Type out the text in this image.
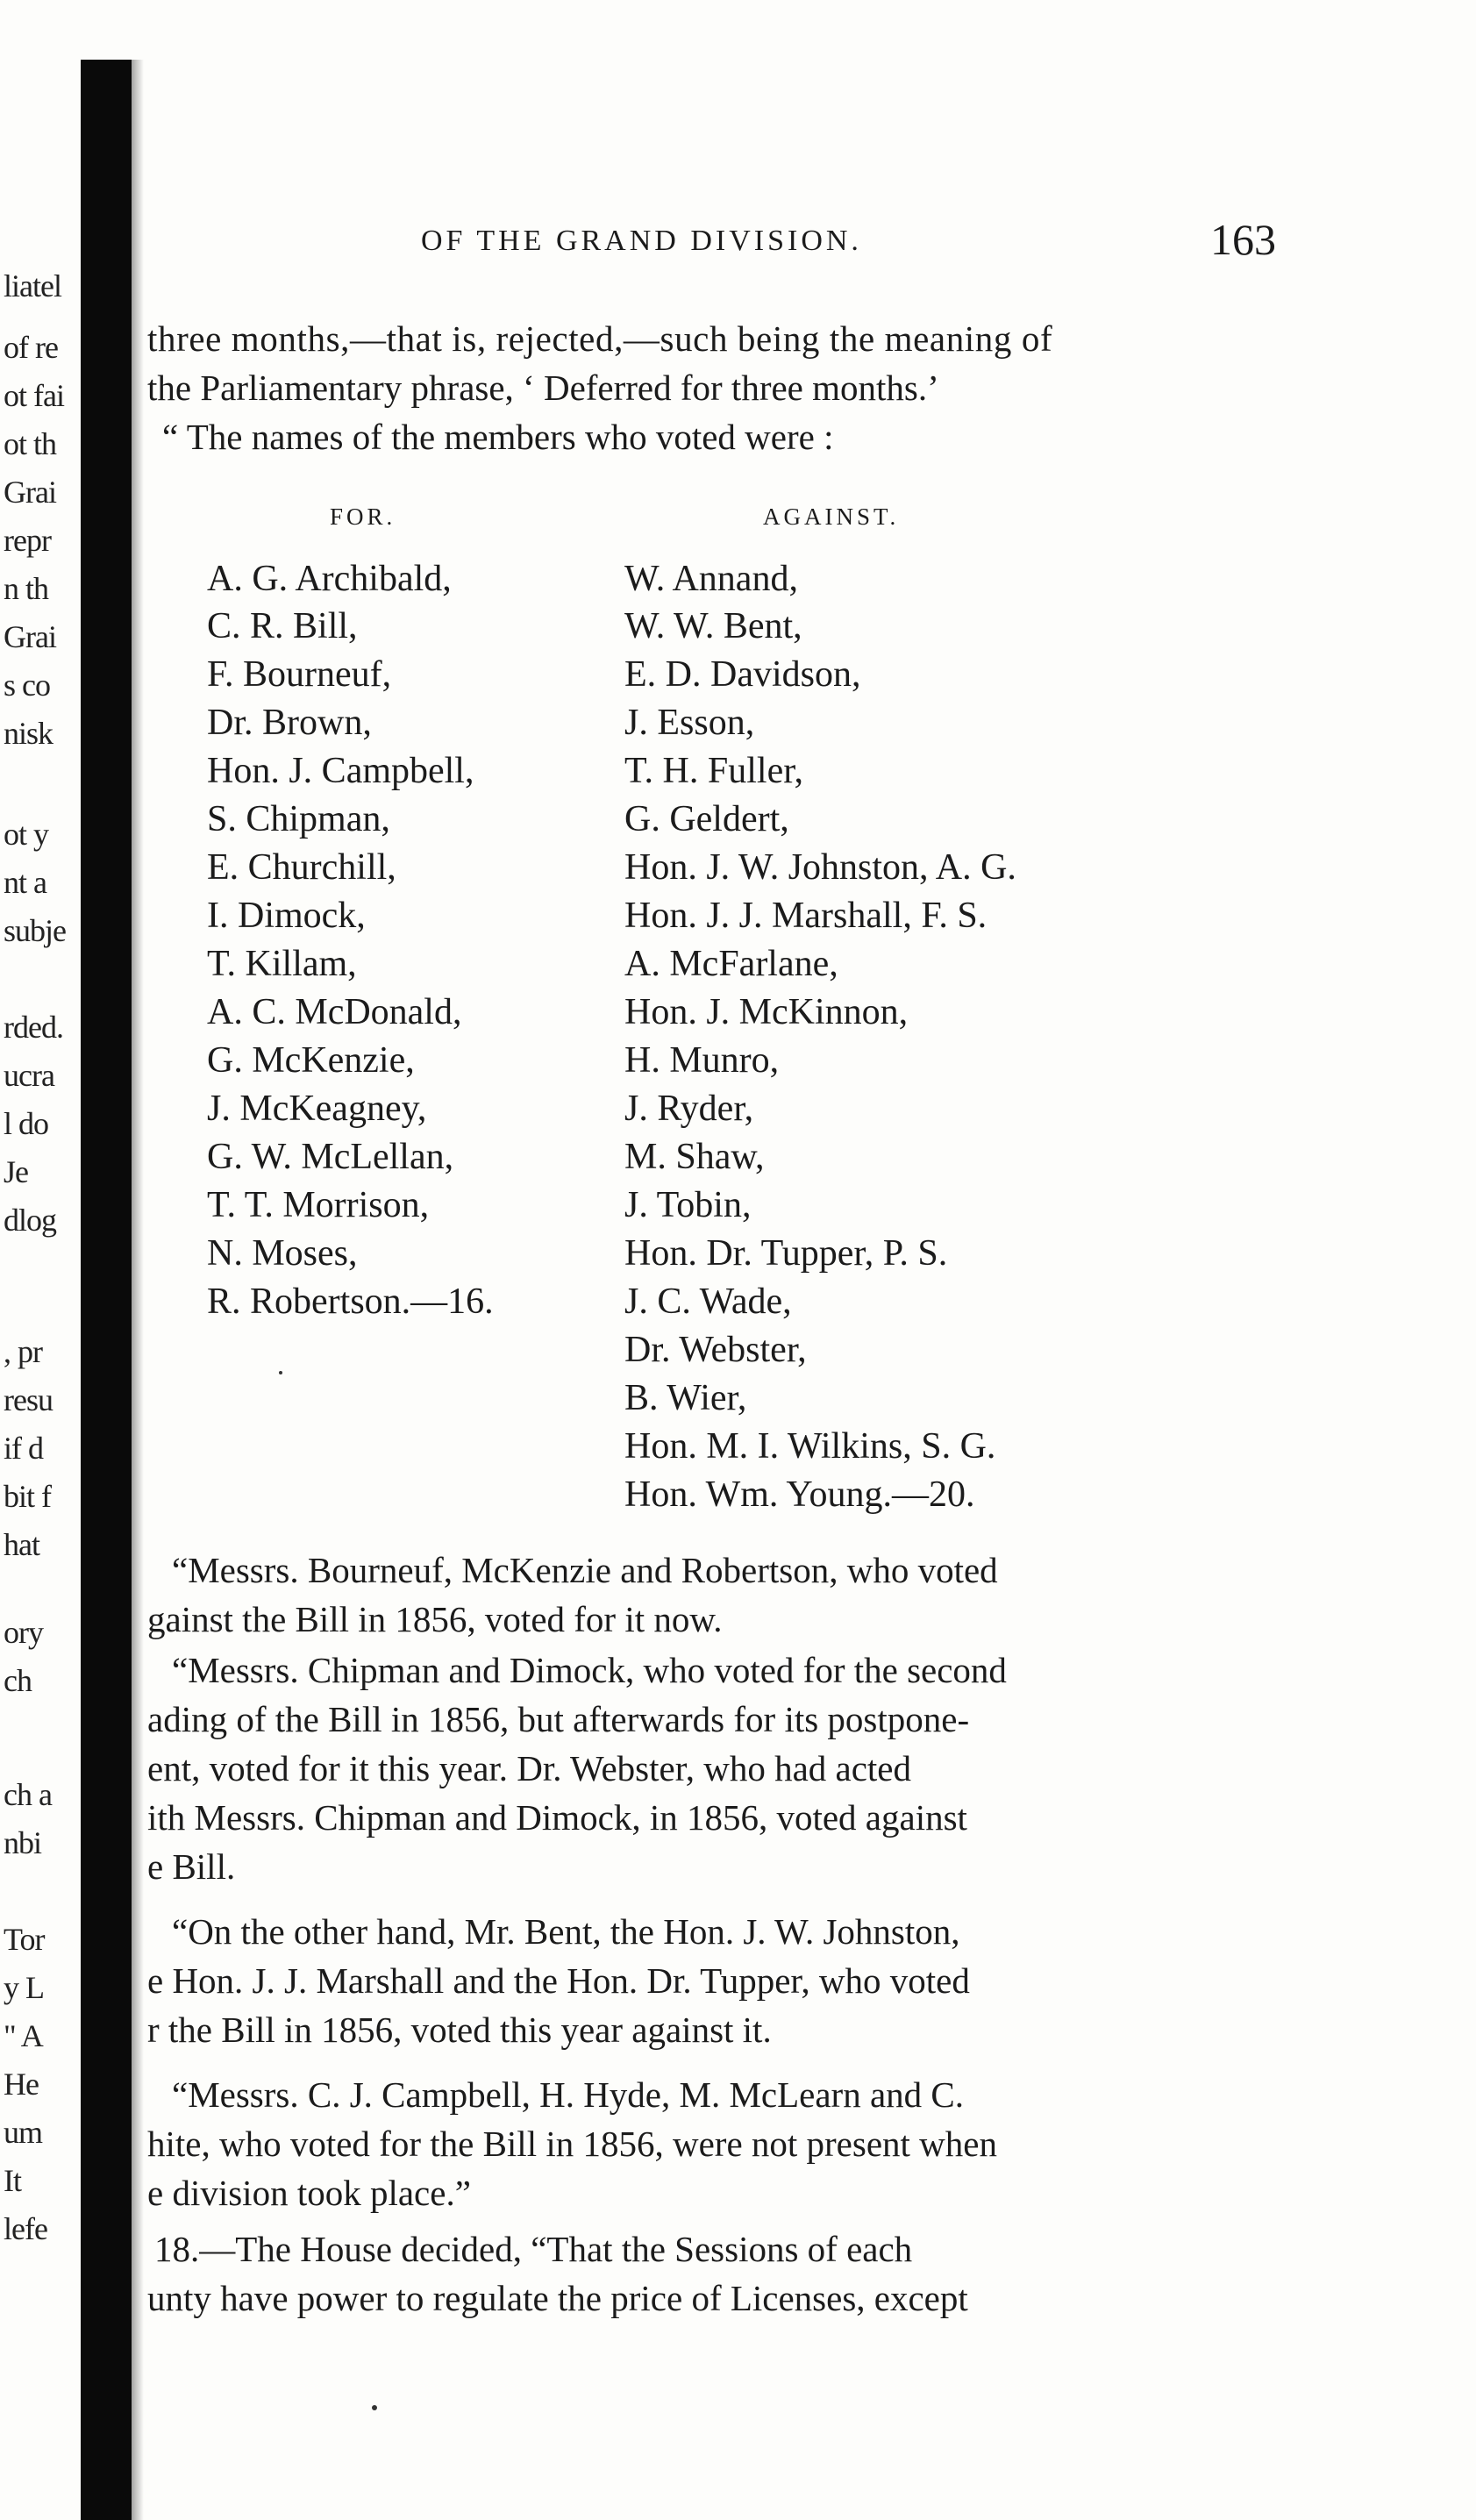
liatel
of re
ot fai
ot th
Grai
repr
n th
Grai
s co
nisk
ot y
nt a
subje
rded.
ucra
l do
Je
dlog
, pr
resu
if d
bit f
hat
ory
ch
ch a
nbi
Tor
y L
" A
He
um
It
lefe
OF THE GRAND DIVISION.	163
three months,—that is, rejected,—such being the meaning of
the Parliamentary phrase, ‘ Deferred for three months.’
“ The names of the members who voted were :
FOR.	AGAINST.
A. G. Archibald,
C. R. Bill,
F. Bourneuf,
Dr. Brown,
Hon. J. Campbell,
S. Chipman,
E. Churchill,
I. Dimock,
T. Killam,
A. C. McDonald,
G. McKenzie,
J. McKeagney,
G. W. McLellan,
T. T. Morrison,
N. Moses,
R. Robertson.—16.
W. Annand,
W. W. Bent,
E. D. Davidson,
J. Esson,
T. H. Fuller,
G. Geldert,
Hon. J. W. Johnston, A. G.
Hon. J. J. Marshall, F. S.
A. McFarlane,
Hon. J. McKinnon,
H. Munro,
J. Ryder,
M. Shaw,
J. Tobin,
Hon. Dr. Tupper, P. S.
J. C. Wade,
Dr. Webster,
B. Wier,
Hon. M. I. Wilkins, S. G.
Hon. Wm. Young.—20.
“Messrs. Bourneuf, McKenzie and Robertson, who voted
gainst the Bill in 1856, voted for it now.
“Messrs. Chipman and Dimock, who voted for the second
ading of the Bill in 1856, but afterwards for its postpone-
ent, voted for it this year. Dr. Webster, who had acted
ith Messrs. Chipman and Dimock, in 1856, voted against
e Bill.
“On the other hand, Mr. Bent, the Hon. J. W. Johnston,
e Hon. J. J. Marshall and the Hon. Dr. Tupper, who voted
r the Bill in 1856, voted this year against it.
“Messrs. C. J. Campbell, H. Hyde, M. McLearn and C.
hite, who voted for the Bill in 1856, were not present when
e division took place.”
18.—The House decided, “That the Sessions of each
unty have power to regulate the price of Licenses, except
